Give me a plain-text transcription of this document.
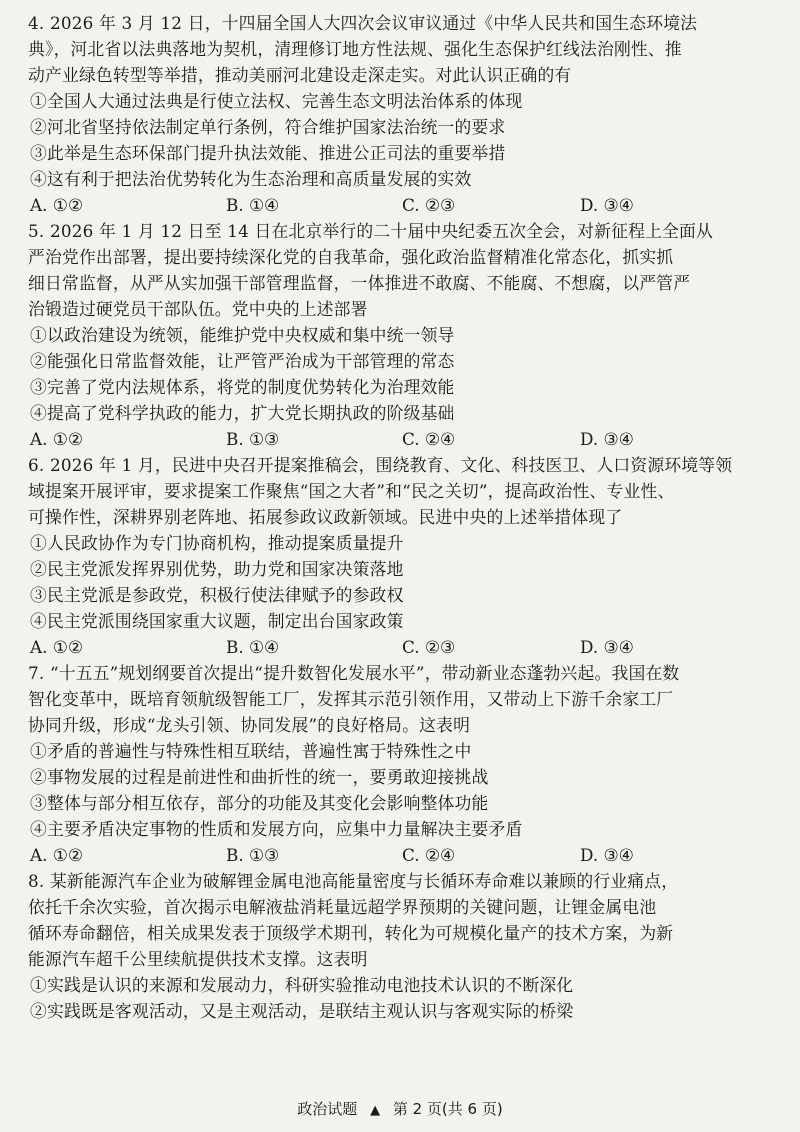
4. 2026 年 3 月 12 日，十四届全国人大四次会议审议通过《中华人民共和国生态环境法
典》，河北省以法典落地为契机，清理修订地方性法规、强化生态保护红线法治刚性、推
动产业绿色转型等举措，推动美丽河北建设走深走实。对此认识正确的有
①全国人大通过法典是行使立法权、完善生态文明法治体系的体现
②河北省坚持依法制定单行条例，符合维护国家法治统一的要求
③此举是生态环保部门提升执法效能、推进公正司法的重要举措
④这有利于把法治优势转化为生态治理和高质量发展的实效
A. ①②	B. ①④	C. ②③	D. ③④
5. 2026 年 1 月 12 日至 14 日在北京举行的二十届中央纪委五次全会，对新征程上全面从
严治党作出部署，提出要持续深化党的自我革命，强化政治监督精准化常态化，抓实抓
细日常监督，从严从实加强干部管理监督，一体推进不敢腐、不能腐、不想腐，以严管严
治锻造过硬党员干部队伍。党中央的上述部署
①以政治建设为统领，能维护党中央权威和集中统一领导
②能强化日常监督效能，让严管严治成为干部管理的常态
③完善了党内法规体系，将党的制度优势转化为治理效能
④提高了党科学执政的能力，扩大党长期执政的阶级基础
A. ①②	B. ①③	C. ②④	D. ③④
6. 2026 年 1 月，民进中央召开提案推稿会，围绕教育、文化、科技医卫、人口资源环境等领
域提案开展评审，要求提案工作聚焦“国之大者”和“民之关切”，提高政治性、专业性、
可操作性，深耕界别老阵地、拓展参政议政新领域。民进中央的上述举措体现了
①人民政协作为专门协商机构，推动提案质量提升
②民主党派发挥界别优势，助力党和国家决策落地
③民主党派是参政党，积极行使法律赋予的参政权
④民主党派围绕国家重大议题，制定出台国家政策
A. ①②	B. ①④	C. ②③	D. ③④
7. “十五五”规划纲要首次提出“提升数智化发展水平”，带动新业态蓬勃兴起。我国在数
智化变革中，既培育领航级智能工厂，发挥其示范引领作用，又带动上下游千余家工厂
协同升级，形成“龙头引领、协同发展”的良好格局。这表明
①矛盾的普遍性与特殊性相互联结，普遍性寓于特殊性之中
②事物发展的过程是前进性和曲折性的统一，要勇敢迎接挑战
③整体与部分相互依存，部分的功能及其变化会影响整体功能
④主要矛盾决定事物的性质和发展方向，应集中力量解决主要矛盾
A. ①②	B. ①③	C. ②④	D. ③④
8. 某新能源汽车企业为破解锂金属电池高能量密度与长循环寿命难以兼顾的行业痛点，
依托千余次实验，首次揭示电解液盐消耗量远超学界预期的关键问题，让锂金属电池
循环寿命翻倍，相关成果发表于顶级学术期刊，转化为可规模化量产的技术方案，为新
能源汽车超千公里续航提供技术支撑。这表明
①实践是认识的来源和发展动力，科研实验推动电池技术认识的不断深化
②实践既是客观活动，又是主观活动，是联结主观认识与客观实际的桥梁
政治试题 ▲ 第 2 页(共 6 页)
